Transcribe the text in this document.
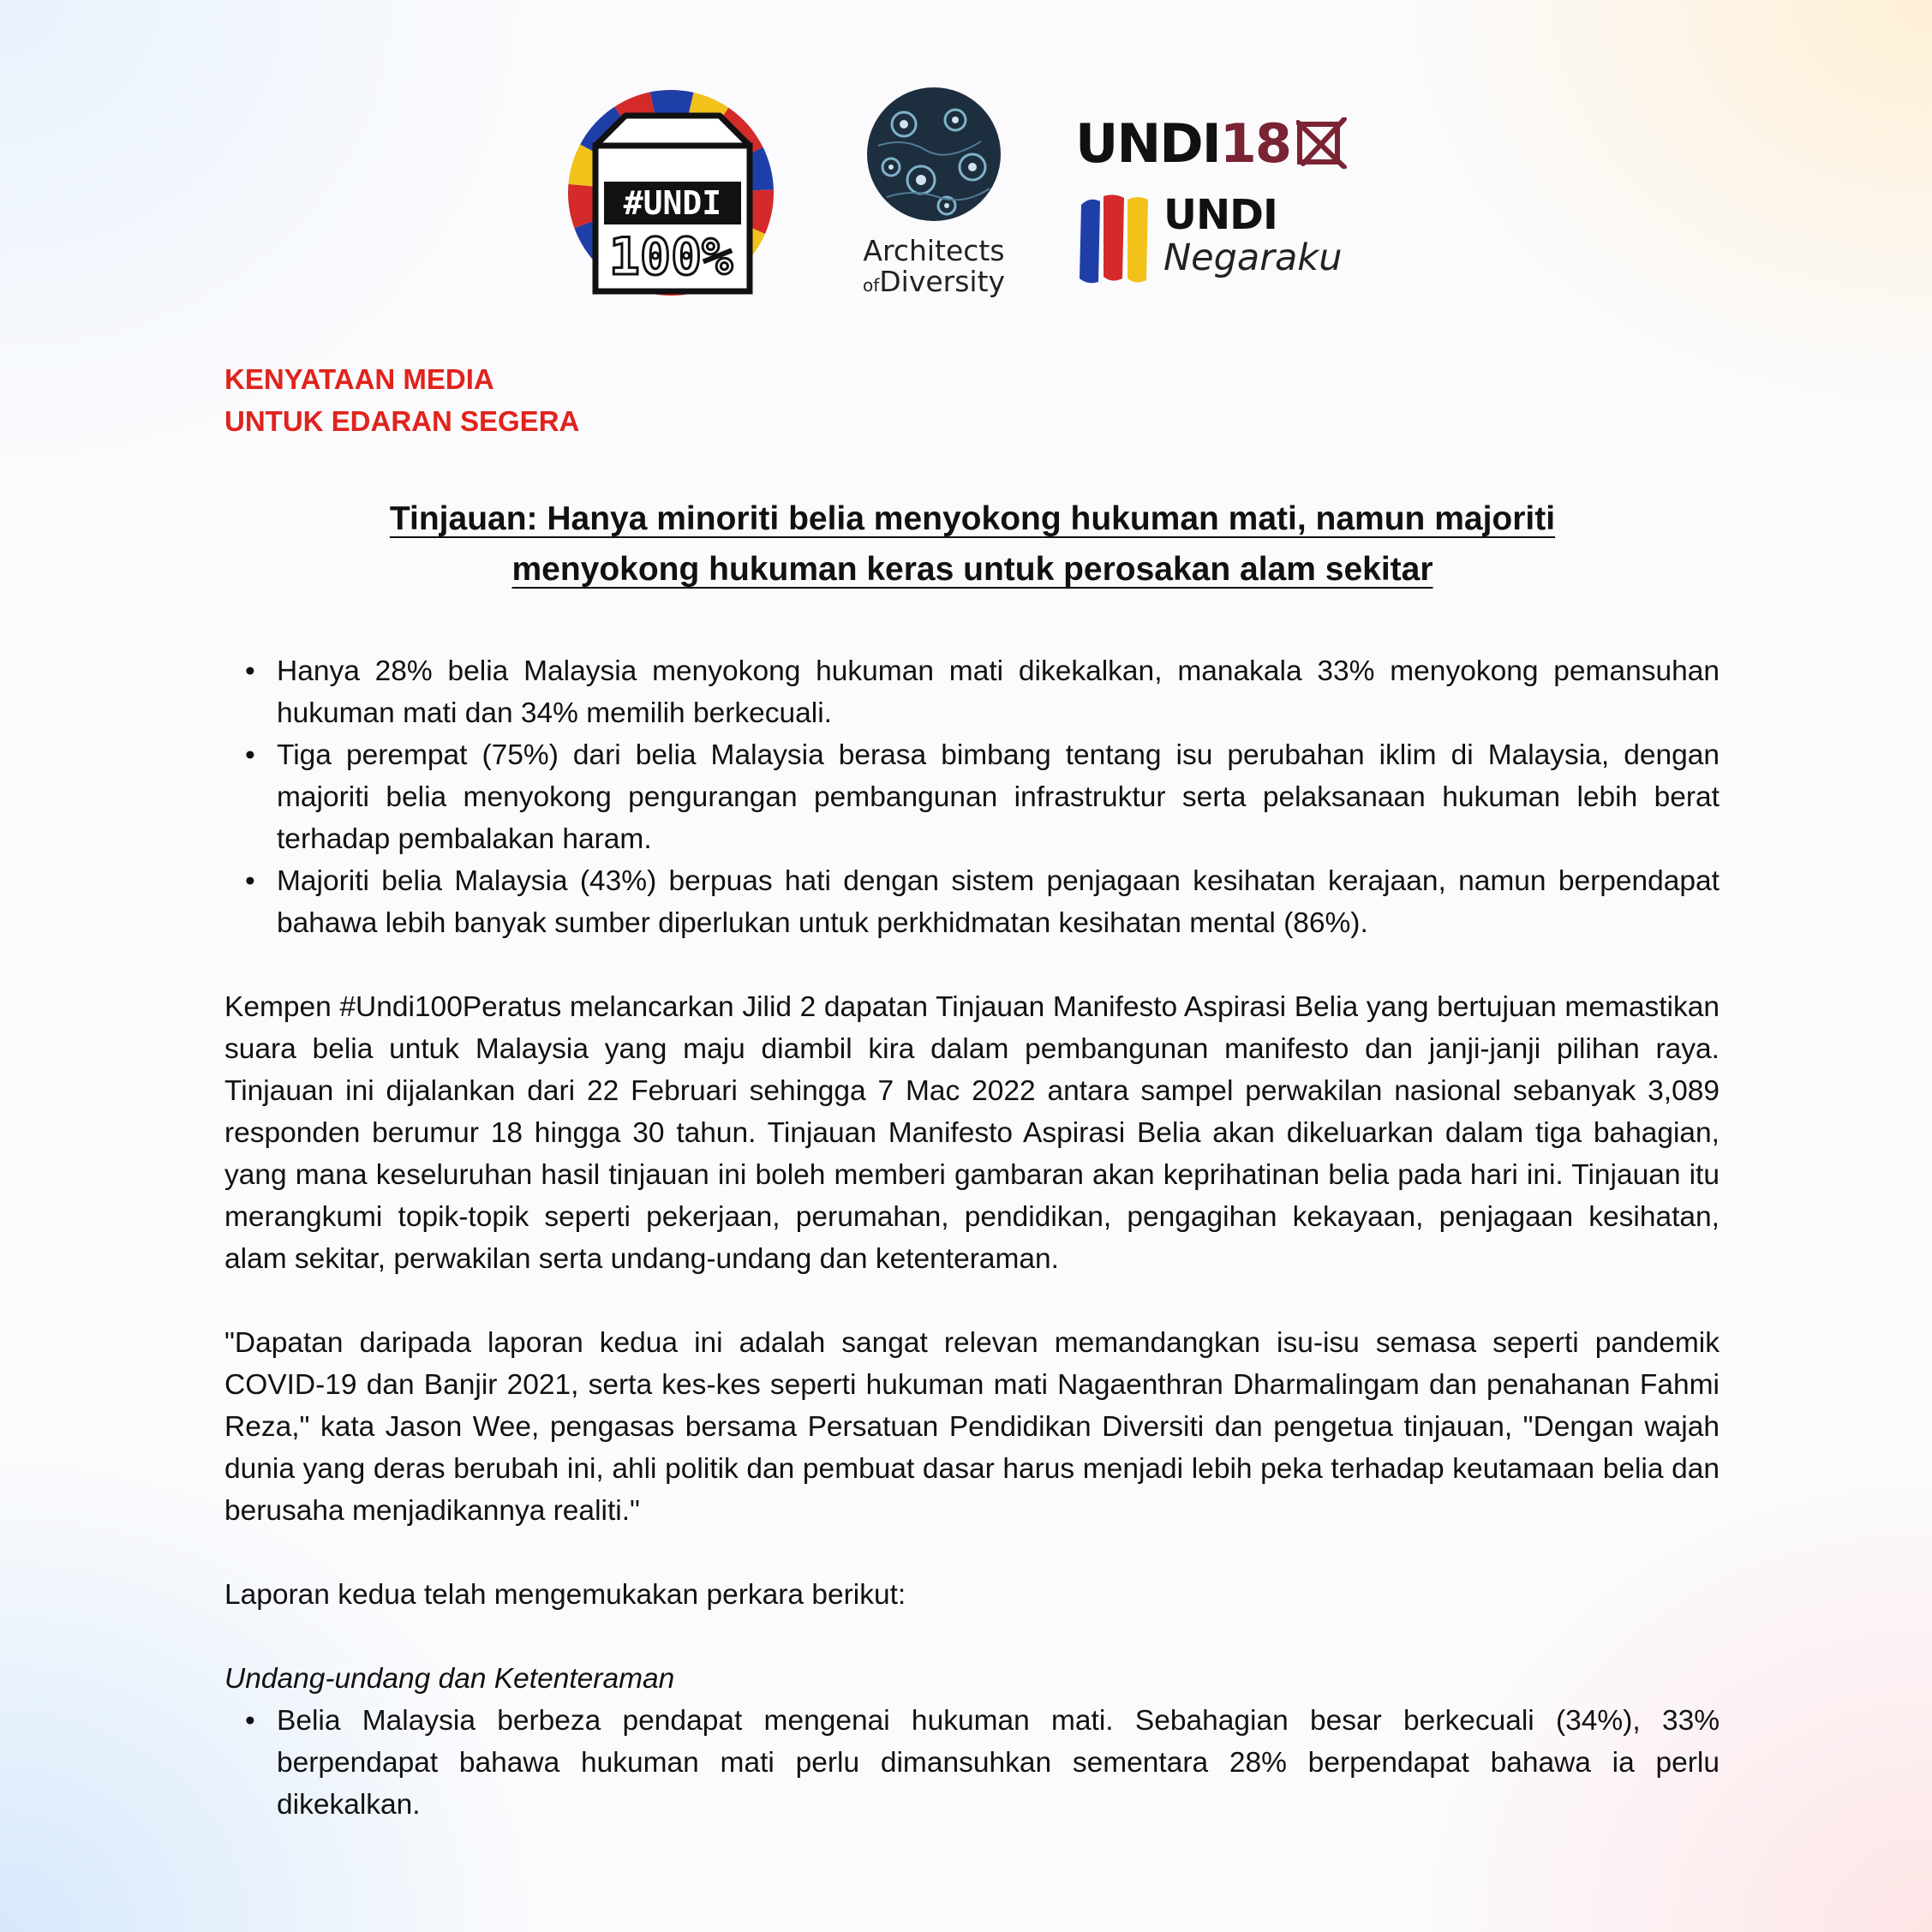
#UNDI
100%	Architects
ofDiversity
UNDI18
UNDI
Negaraku
KENYATAAN MEDIA
UNTUK EDARAN SEGERA
Tinjauan: Hanya minoriti belia menyokong hukuman mati, namun majoriti
menyokong hukuman keras untuk perosakan alam sekitar
• Hanya 28% belia Malaysia menyokong hukuman mati dikekalkan, manakala 33% menyokong pemansuhan hukuman mati dan 34% memilih berkecuali.
• Tiga perempat (75%) dari belia Malaysia berasa bimbang tentang isu perubahan iklim di Malaysia, dengan majoriti belia menyokong pengurangan pembangunan infrastruktur serta pelaksanaan hukuman lebih berat terhadap pembalakan haram.
• Majoriti belia Malaysia (43%) berpuas hati dengan sistem penjagaan kesihatan kerajaan, namun berpendapat bahawa lebih banyak sumber diperlukan untuk perkhidmatan kesihatan mental (86%).

Kempen #Undi100Peratus melancarkan Jilid 2 dapatan Tinjauan Manifesto Aspirasi Belia yang bertujuan memastikan suara belia untuk Malaysia yang maju diambil kira dalam pembangunan manifesto dan janji-janji pilihan raya. Tinjauan ini dijalankan dari 22 Februari sehingga 7 Mac 2022 antara sampel perwakilan nasional sebanyak 3,089 responden berumur 18 hingga 30 tahun. Tinjauan Manifesto Aspirasi Belia akan dikeluarkan dalam tiga bahagian, yang mana keseluruhan hasil tinjauan ini boleh memberi gambaran akan keprihatinan belia pada hari ini. Tinjauan itu merangkumi topik-topik seperti pekerjaan, perumahan, pendidikan, pengagihan kekayaan, penjagaan kesihatan, alam sekitar, perwakilan serta undang-undang dan ketenteraman.

"Dapatan daripada laporan kedua ini adalah sangat relevan memandangkan isu-isu semasa seperti pandemik COVID-19 dan Banjir 2021, serta kes-kes seperti hukuman mati Nagaenthran Dharmalingam dan penahanan Fahmi Reza," kata Jason Wee, pengasas bersama Persatuan Pendidikan Diversiti dan pengetua tinjauan, "Dengan wajah dunia yang deras berubah ini, ahli politik dan pembuat dasar harus menjadi lebih peka terhadap keutamaan belia dan berusaha menjadikannya realiti."

Laporan kedua telah mengemukakan perkara berikut:

Undang-undang dan Ketenteraman

• Belia Malaysia berbeza pendapat mengenai hukuman mati. Sebahagian besar berkecuali (34%), 33% berpendapat bahawa hukuman mati perlu dimansuhkan sementara 28% berpendapat bahawa ia perlu dikekalkan.
